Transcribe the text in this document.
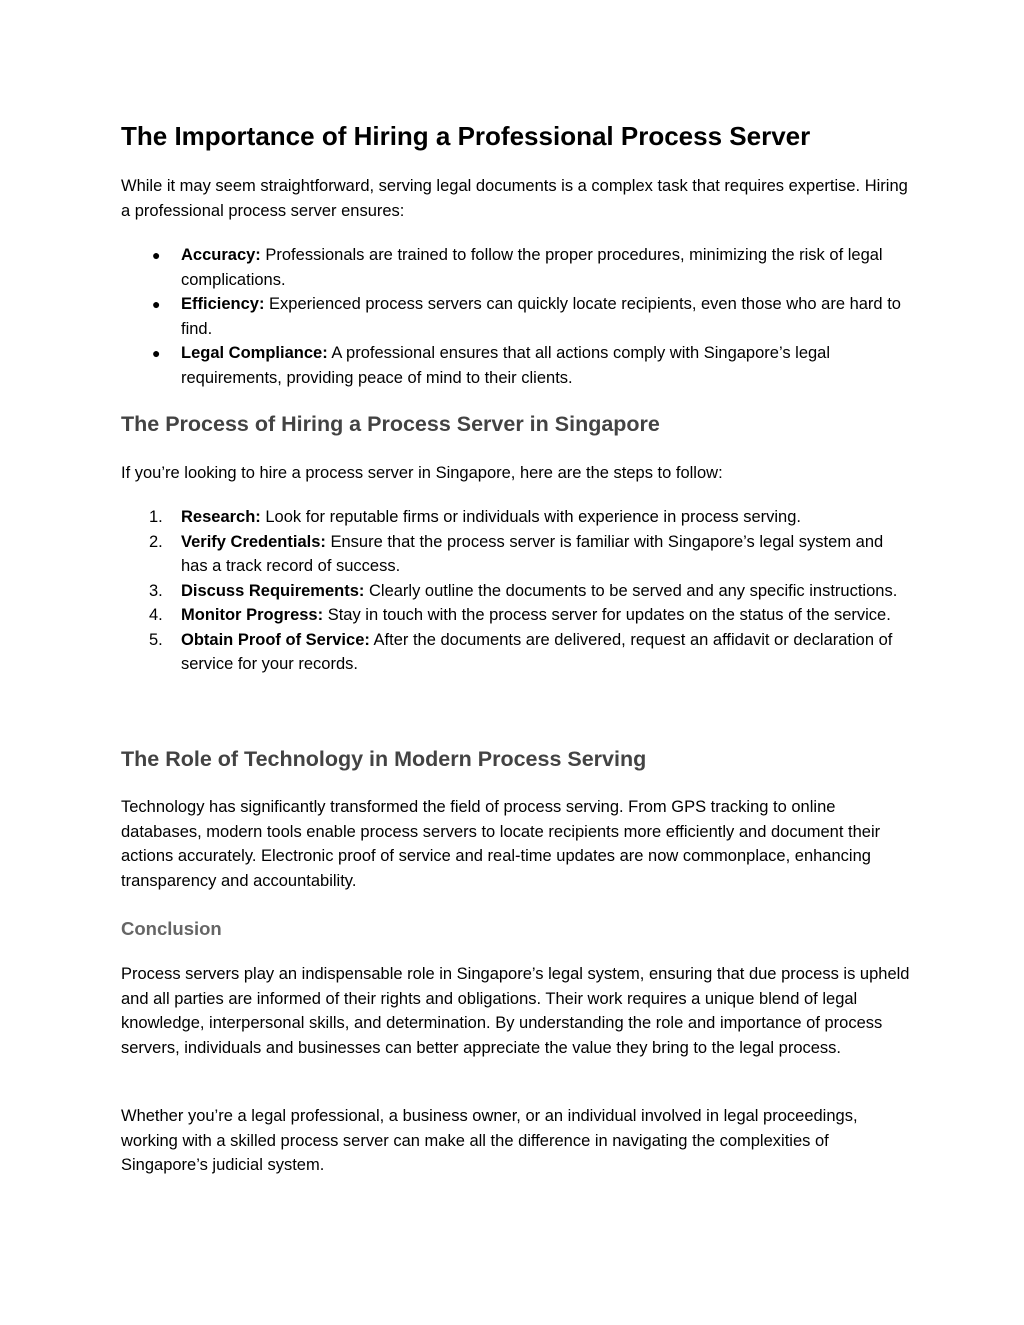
The Importance of Hiring a Professional Process Server

While it may seem straightforward, serving legal documents is a complex task that requires expertise. Hiring a professional process server ensures:

● Accuracy: Professionals are trained to follow the proper procedures, minimizing the risk of legal complications.
● Efficiency: Experienced process servers can quickly locate recipients, even those who are hard to find.
● Legal Compliance: A professional ensures that all actions comply with Singapore’s legal requirements, providing peace of mind to their clients.
The Process of Hiring a Process Server in Singapore

If you’re looking to hire a process server in Singapore, here are the steps to follow:

1. Research: Look for reputable firms or individuals with experience in process serving.
2. Verify Credentials: Ensure that the process server is familiar with Singapore’s legal system and has a track record of success.
3. Discuss Requirements: Clearly outline the documents to be served and any specific instructions.
4. Monitor Progress: Stay in touch with the process server for updates on the status of the service.
5. Obtain Proof of Service: After the documents are delivered, request an affidavit or declaration of service for your records.
The Role of Technology in Modern Process Serving

Technology has significantly transformed the field of process serving. From GPS tracking to online databases, modern tools enable process servers to locate recipients more efficiently and document their actions accurately. Electronic proof of service and real-time updates are now commonplace, enhancing transparency and accountability.

Conclusion

Process servers play an indispensable role in Singapore’s legal system, ensuring that due process is upheld and all parties are informed of their rights and obligations. Their work requires a unique blend of legal knowledge, interpersonal skills, and determination. By understanding the role and importance of process servers, individuals and businesses can better appreciate the value they bring to the legal process.

Whether you’re a legal professional, a business owner, or an individual involved in legal proceedings, working with a skilled process server can make all the difference in navigating the complexities of Singapore’s judicial system.
